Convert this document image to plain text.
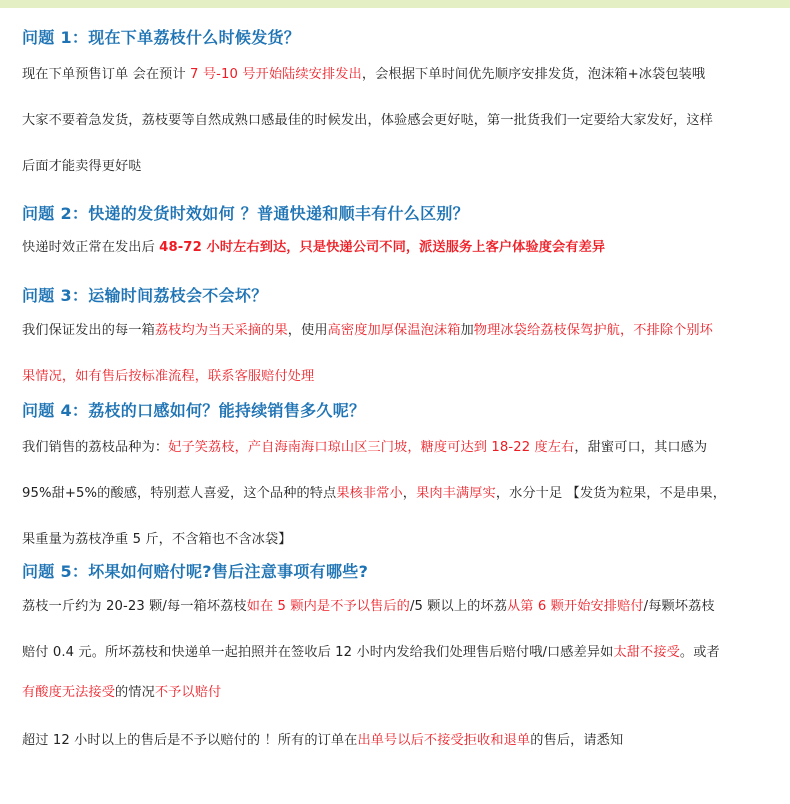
问题 1：现在下单荔枝什么时候发货？

现在下单预售订单 会在预计 7 号-10 号开始陆续安排发出，会根据下单时间优先顺序安排发货，泡沫箱+冰袋包装哦

大家不要着急发货，荔枝要等自然成熟口感最佳的时候发出，体验感会更好哒，第一批货我们一定要给大家发好，这样

后面才能卖得更好哒

问题 2：快递的发货时效如何 ？普通快递和顺丰有什么区别？

快递时效正常在发出后 48-72 小时左右到达，只是快递公司不同，派送服务上客户体验度会有差异

问题 3：运输时间荔枝会不会坏？

我们保证发出的每一箱荔枝均为当天采摘的果，使用高密度加厚保温泡沫箱加物理冰袋给荔枝保驾护航，不排除个别坏

果情况，如有售后按标准流程，联系客服赔付处理

问题 4：荔枝的口感如何？能持续销售多久呢？

我们销售的荔枝品种为：妃子笑荔枝，产自海南海口琼山区三门坡，糖度可达到 18-22 度左右，甜蜜可口，其口感为

95%甜+5%的酸感，特别惹人喜爱，这个品种的特点果核非常小，果肉丰满厚实，水分十足 【发货为粒果，不是串果，

果重量为荔枝净重 5 斤，不含箱也不含冰袋】

问题 5：坏果如何赔付呢?售后注意事项有哪些?

荔枝一斤约为 20-23 颗/每一箱坏荔枝如在 5 颗内是不予以售后的/5 颗以上的坏荔从第 6 颗开始安排赔付/每颗坏荔枝

赔付 0.4 元。所坏荔枝和快递单一起拍照并在签收后 12 小时内发给我们处理售后赔付哦/口感差异如太甜不接受。或者

有酸度无法接受的情况不予以赔付

超过 12 小时以上的售后是不予以赔付的 ！所有的订单在出单号以后不接受拒收和退单的售后，请悉知
